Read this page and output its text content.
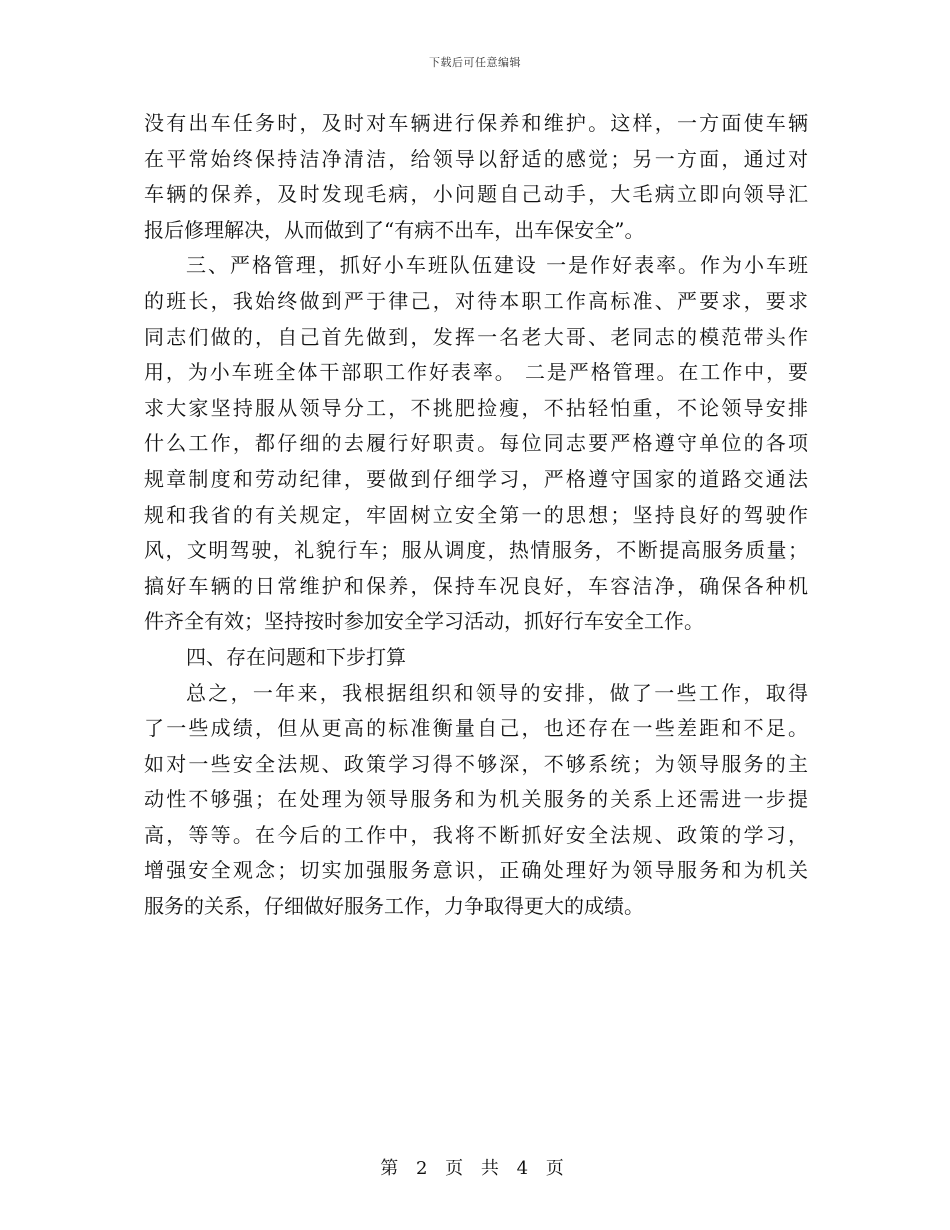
下载后可任意编辑
没有出车任务时，及时对车辆进行保养和维护。这样，一方面使车辆
在平常始终保持洁净清洁，给领导以舒适的感觉；另一方面，通过对
车辆的保养，及时发现毛病，小问题自己动手，大毛病立即向领导汇
报后修理解决，从而做到了“有病不出车，出车保安全”。
三、严格管理，抓好小车班队伍建设 一是作好表率。作为小车班
的班长，我始终做到严于律己，对待本职工作高标准、严要求，要求
同志们做的，自己首先做到，发挥一名老大哥、老同志的模范带头作
用，为小车班全体干部职工作好表率。 二是严格管理。在工作中，要
求大家坚持服从领导分工，不挑肥捡瘦，不拈轻怕重，不论领导安排
什么工作，都仔细的去履行好职责。每位同志要严格遵守单位的各项
规章制度和劳动纪律，要做到仔细学习，严格遵守国家的道路交通法
规和我省的有关规定，牢固树立安全第一的思想；坚持良好的驾驶作
风，文明驾驶，礼貌行车；服从调度，热情服务，不断提高服务质量；
搞好车辆的日常维护和保养，保持车况良好，车容洁净，确保各种机
件齐全有效；坚持按时参加安全学习活动，抓好行车安全工作。
四、存在问题和下步打算
总之，一年来，我根据组织和领导的安排，做了一些工作，取得
了一些成绩，但从更高的标准衡量自己，也还存在一些差距和不足。
如对一些安全法规、政策学习得不够深，不够系统；为领导服务的主
动性不够强；在处理为领导服务和为机关服务的关系上还需进一步提
高，等等。在今后的工作中，我将不断抓好安全法规、政策的学习，
增强安全观念；切实加强服务意识，正确处理好为领导服务和为机关
服务的关系，仔细做好服务工作，力争取得更大的成绩。
第 2 页 共 4 页
